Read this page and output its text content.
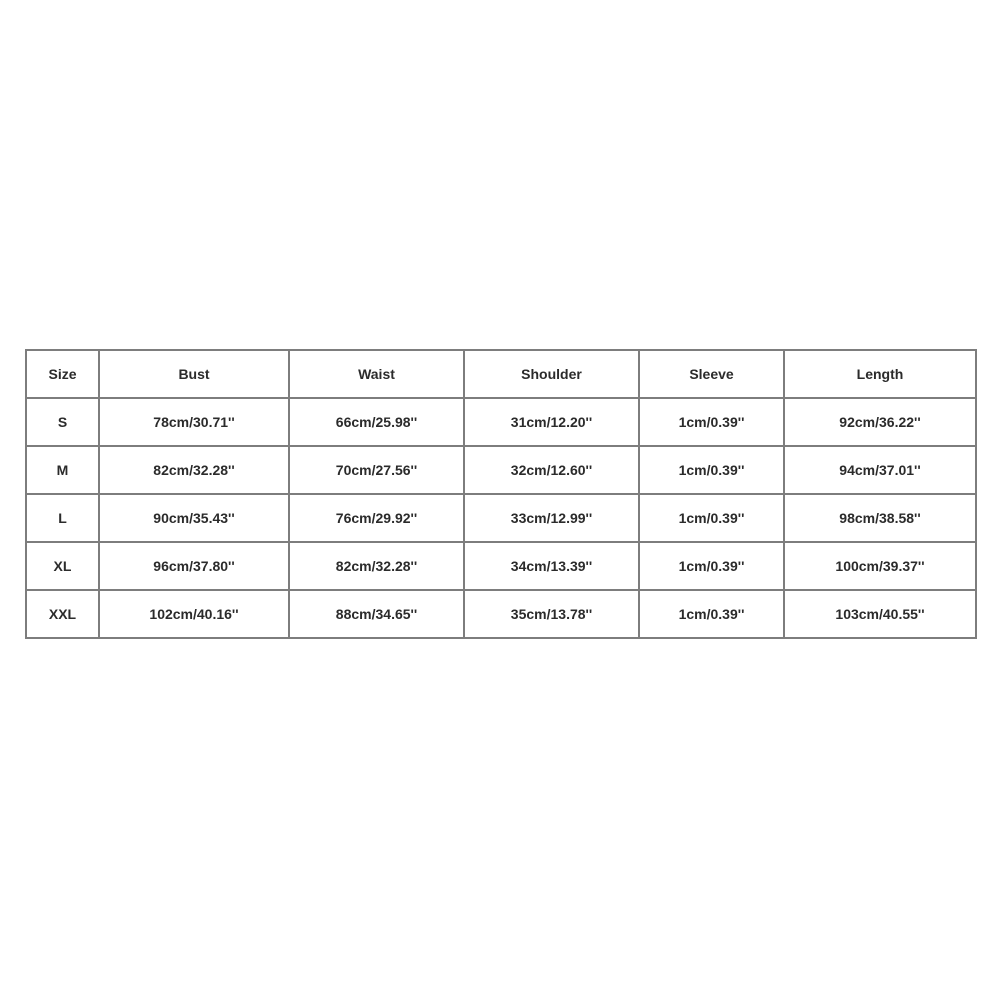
Size	Bust	Waist	Shoulder	Sleeve	Length
S	78cm/30.71''	66cm/25.98''	31cm/12.20''	1cm/0.39''	92cm/36.22''
M	82cm/32.28''	70cm/27.56''	32cm/12.60''	1cm/0.39''	94cm/37.01''
L	90cm/35.43''	76cm/29.92''	33cm/12.99''	1cm/0.39''	98cm/38.58''
XL	96cm/37.80''	82cm/32.28''	34cm/13.39''	1cm/0.39''	100cm/39.37''
XXL	102cm/40.16''	88cm/34.65''	35cm/13.78''	1cm/0.39''	103cm/40.55''
